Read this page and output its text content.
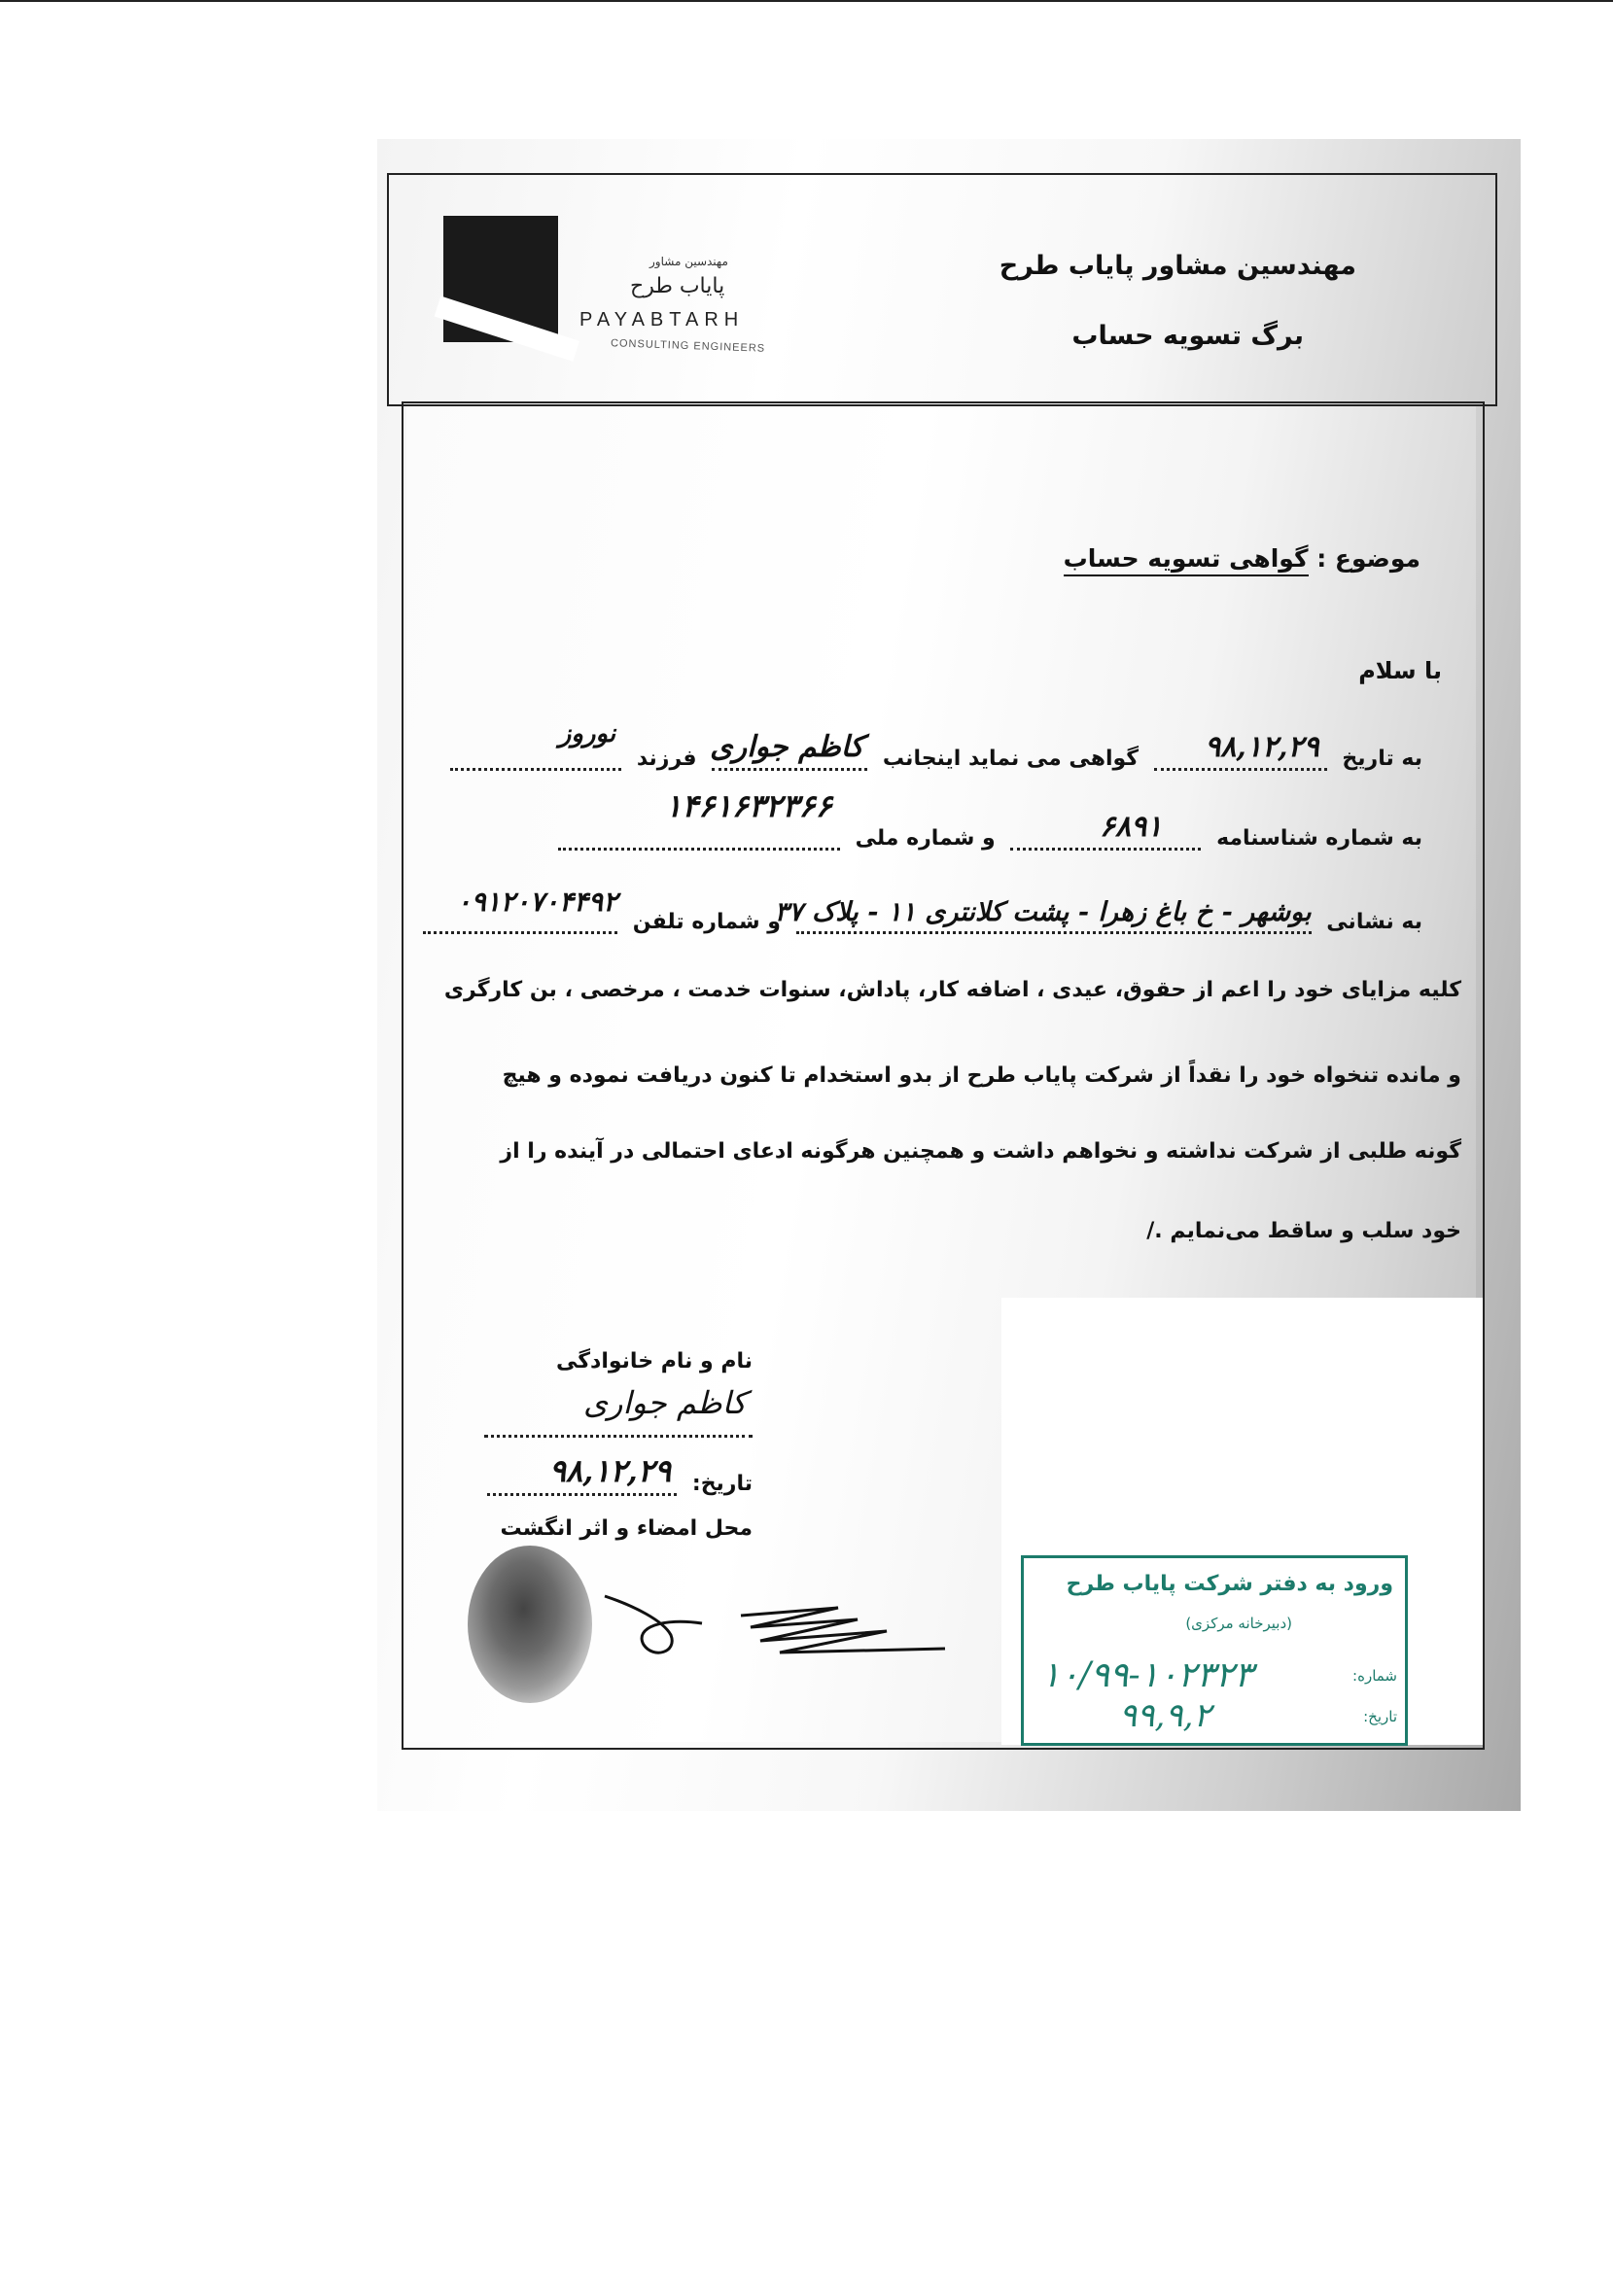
مهندسین مشاور
پایاب طرح
PAYABTARH
CONSULTING ENGINEERS
مهندسین مشاور پایاب طرح
برگ تسویه حساب
موضوع : گواهی تسویه حساب
با سلام
به تاریخ
۹۸,۱۲,۲۹
گواهی می نماید اینجانب
کاظم جواری
فرزند
نوروز
به شماره شناسنامه
۶۸۹۱
و شماره ملی
۱۴۶۱۶۳۲۳۶۶
به نشانی
بوشهر - خ باغ زهرا - پشت کلانتری ۱۱ - پلاک ۳۷
و شماره تلفن
۰۹۱۲۰۷۰۴۴۹۲
کلیه مزایای خود را اعم از حقوق، عیدی ، اضافه کار، پاداش، سنوات خدمت ، مرخصی ، بن کارگری
و مانده تنخواه خود را نقداً از شرکت پایاب طرح از بدو استخدام تا کنون دریافت نموده و هیچ
گونه طلبی از شرکت نداشته و نخواهم داشت و همچنین هرگونه ادعای احتمالی در آینده را از
خود سلب و ساقط می‌نمایم ./
نام و نام خانوادگی
کاظم جواری
تاریخ:
۹۸,۱۲,۲۹
محل امضاء و اثر انگشت
ورود به دفتر شرکت پایاب طرح
(دبیرخانه مرکزی)
شماره:
تاریخ:
۱۰/۹۹-۱۰۲۳۲۳
۹۹,۹,۲
